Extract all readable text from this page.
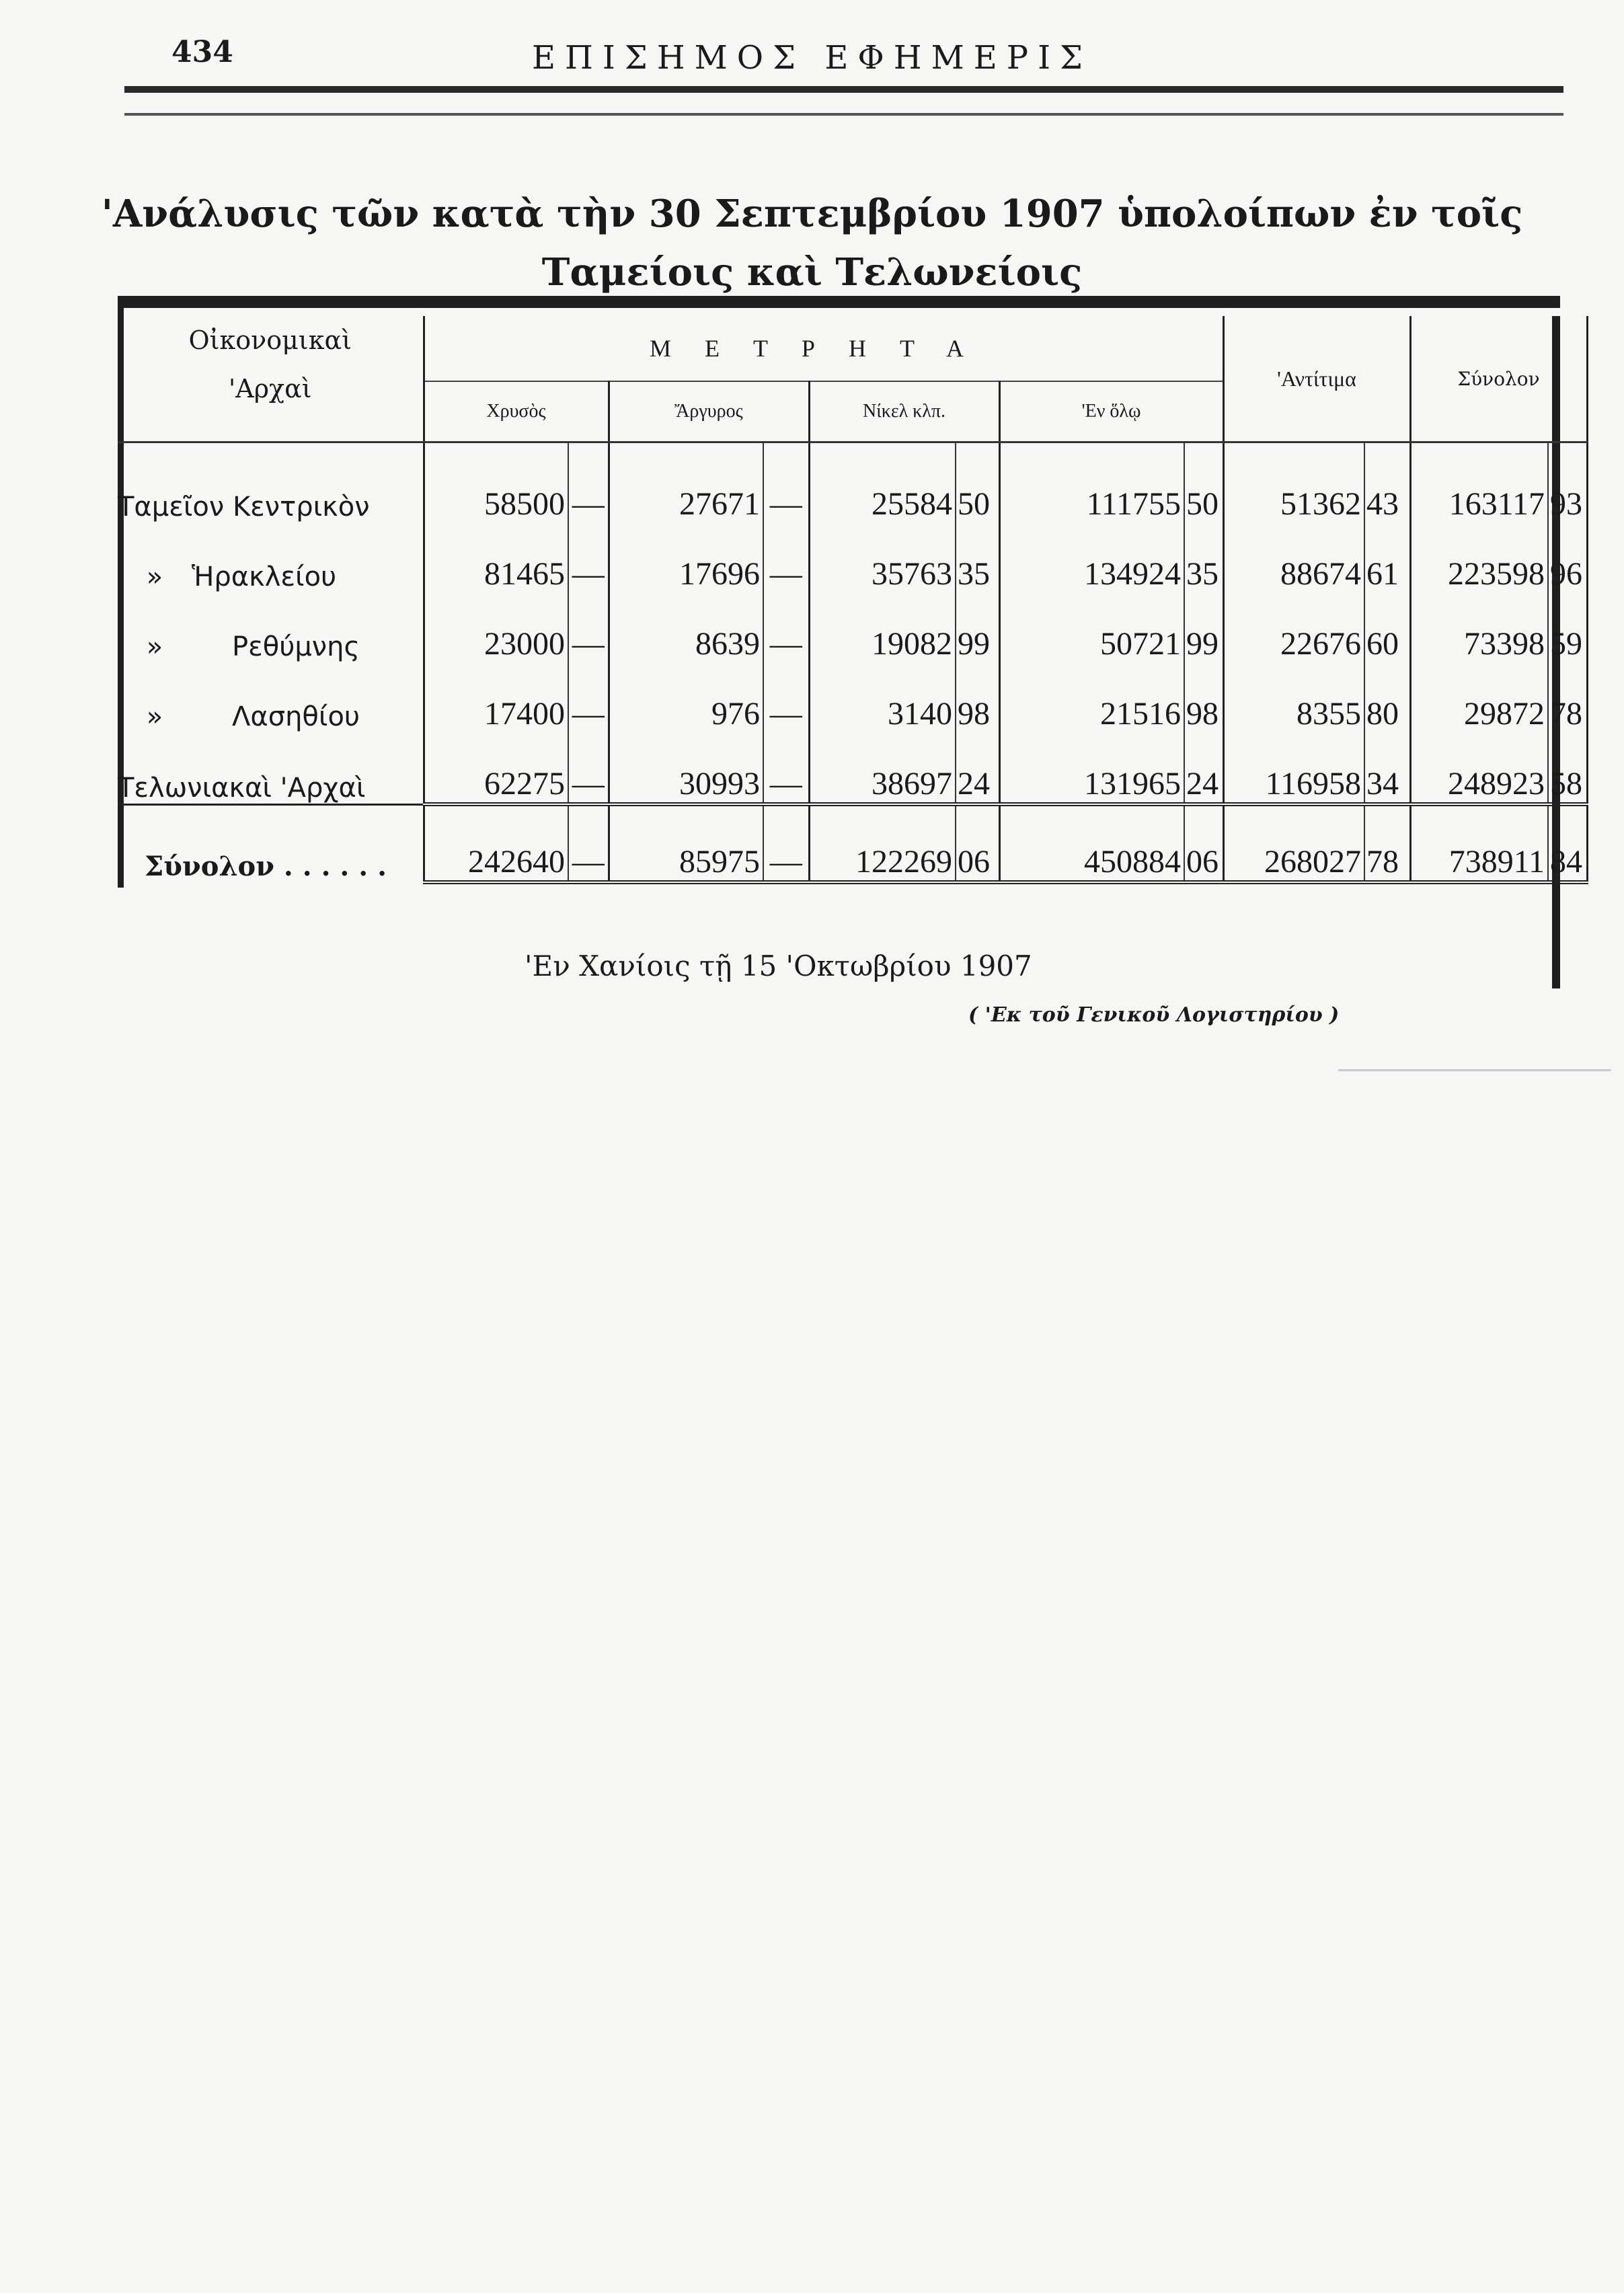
434	ΕΠΙΣΗΜΟΣ ΕΦΗΜΕΡΙΣ
─────────────
'Ανάλυσις τῶν κατὰ τὴν 30 Σεπτεμβρίου 1907 ὑπολοίπων ἐν τοῖς
Ταμείοις καὶ Τελωνείοις
Οἰκονομικαὶ
'Αρχαὶ	ΜΕΤΡΗΤΑ								'Αντίτιμα		Σύνολον	
	Χρυσὸς		Ἄργυρος		Νίκελ κλπ.		'Εν ὅλῳ					
Ταμεῖον Κεντρικὸν	58500	—	27671	—	25584	50	111755	50	51362	43	163117	93
» Ἡρακλείου	81465	—	17696	—	35763	35	134924	35	88674	61	223598	96
» Ρεθύμνης	23000	—	8639	—	19082	99	50721	99	22676	60	73398	59
» Λασηθίου	17400	—	976	—	3140	98	21516	98	8355	80	29872	78
Τελωνιακαὶ 'Αρχαὶ	62275	—	30993	—	38697	24	131965	24	116958	34	248923	58
Σύνολον . . . . . .	242640	—	85975	—	122269	06	450884	06	268027	78	738911	84
'Εν Χανίοις τῇ 15 'Οκτωβρίου 1907
( 'Εκ τοῦ Γενικοῦ Λογιστηρίου )
